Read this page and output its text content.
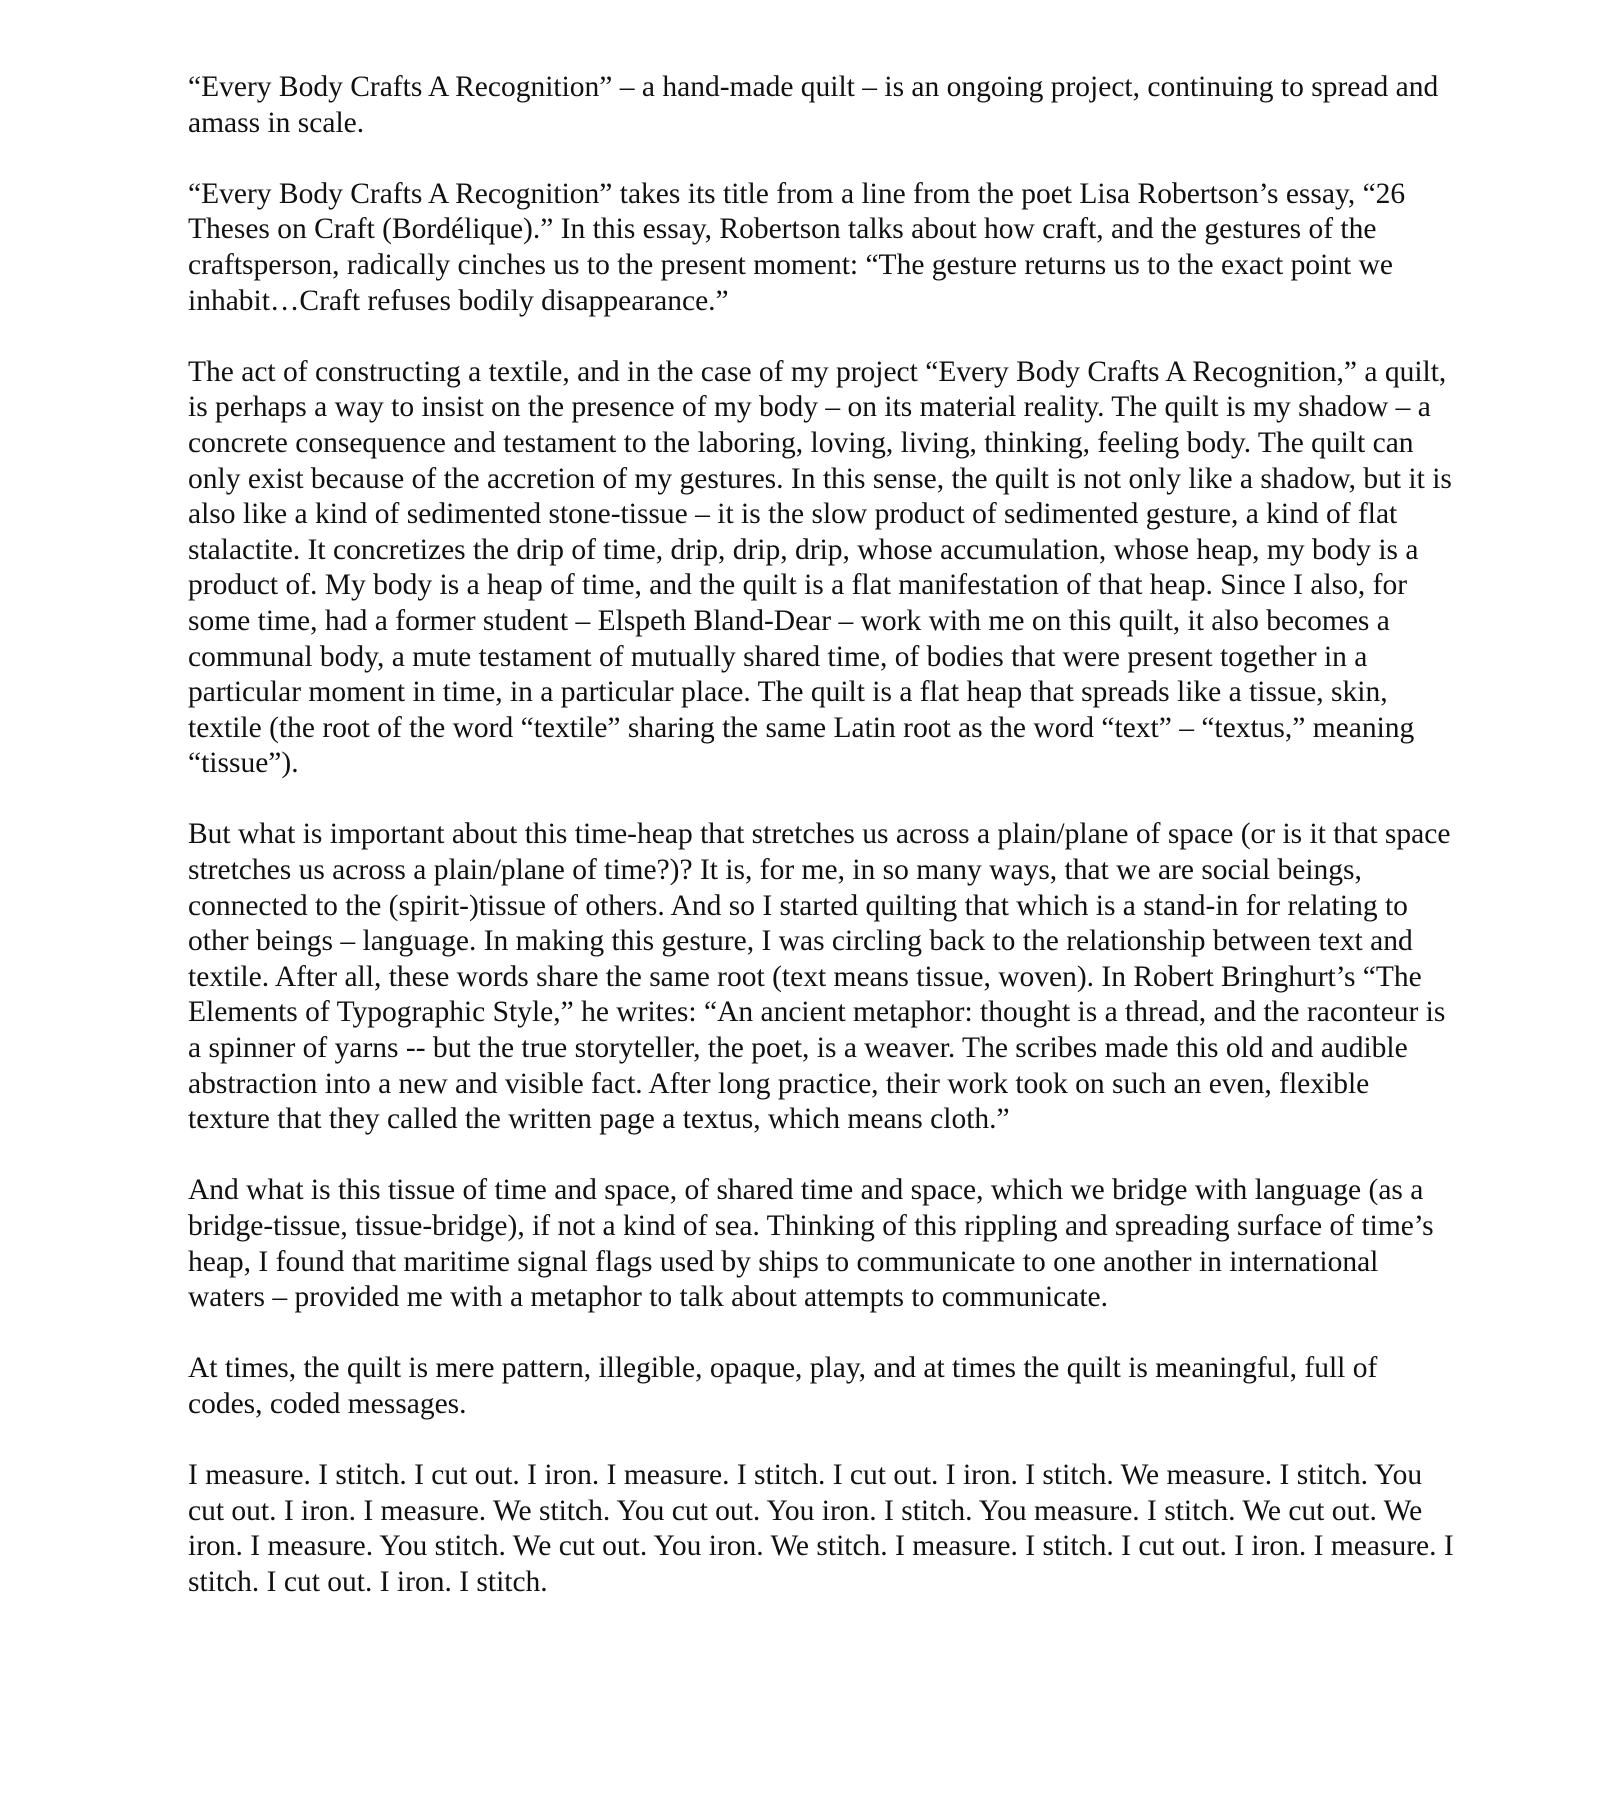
“Every Body Crafts A Recognition” – a hand-made quilt – is an ongoing project, continuing to spread and amass in scale.

“Every Body Crafts A Recognition” takes its title from a line from the poet Lisa Robertson’s essay, “26 Theses on Craft (Bordélique).” In this essay, Robertson talks about how craft, and the gestures of the craftsperson, radically cinches us to the present moment: “The gesture returns us to the exact point we inhabit…Craft refuses bodily disappearance.”

The act of constructing a textile, and in the case of my project “Every Body Crafts A Recognition,” a quilt, is perhaps a way to insist on the presence of my body – on its material reality. The quilt is my shadow – a concrete consequence and testament to the laboring, loving, living, thinking, feeling body. The quilt can only exist because of the accretion of my gestures. In this sense, the quilt is not only like a shadow, but it is also like a kind of sedimented stone-tissue – it is the slow product of sedimented gesture, a kind of flat stalactite. It concretizes the drip of time, drip, drip, drip, whose accumulation, whose heap, my body is a product of. My body is a heap of time, and the quilt is a flat manifestation of that heap. Since I also, for some time, had a former student – Elspeth Bland-Dear – work with me on this quilt, it also becomes a communal body, a mute testament of mutually shared time, of bodies that were present together in a particular moment in time, in a particular place. The quilt is a flat heap that spreads like a tissue, skin, textile (the root of the word “textile” sharing the same Latin root as the word “text” – “textus,” meaning “tissue”).

But what is important about this time-heap that stretches us across a plain/plane of space (or is it that space stretches us across a plain/plane of time?)? It is, for me, in so many ways, that we are social beings, connected to the (spirit-)tissue of others. And so I started quilting that which is a stand-in for relating to other beings – language. In making this gesture, I was circling back to the relationship between text and textile. After all, these words share the same root (text means tissue, woven). In Robert Bringhurt’s “The Elements of Typographic Style,” he writes: “An ancient metaphor: thought is a thread, and the raconteur is a spinner of yarns -- but the true storyteller, the poet, is a weaver. The scribes made this old and audible abstraction into a new and visible fact. After long practice, their work took on such an even, flexible texture that they called the written page a textus, which means cloth.”

And what is this tissue of time and space, of shared time and space, which we bridge with language (as a bridge-tissue, tissue-bridge), if not a kind of sea. Thinking of this rippling and spreading surface of time’s heap, I found that maritime signal flags used by ships to communicate to one another in international waters – provided me with a metaphor to talk about attempts to communicate.

At times, the quilt is mere pattern, illegible, opaque, play, and at times the quilt is meaningful, full of codes, coded messages.

I measure. I stitch. I cut out. I iron. I measure. I stitch. I cut out. I iron. I stitch. We measure. I stitch. You cut out. I iron. I measure. We stitch. You cut out. You iron. I stitch. You measure. I stitch. We cut out. We iron. I measure. You stitch. We cut out. You iron. We stitch. I measure. I stitch. I cut out. I iron. I measure. I stitch. I cut out. I iron. I stitch.
